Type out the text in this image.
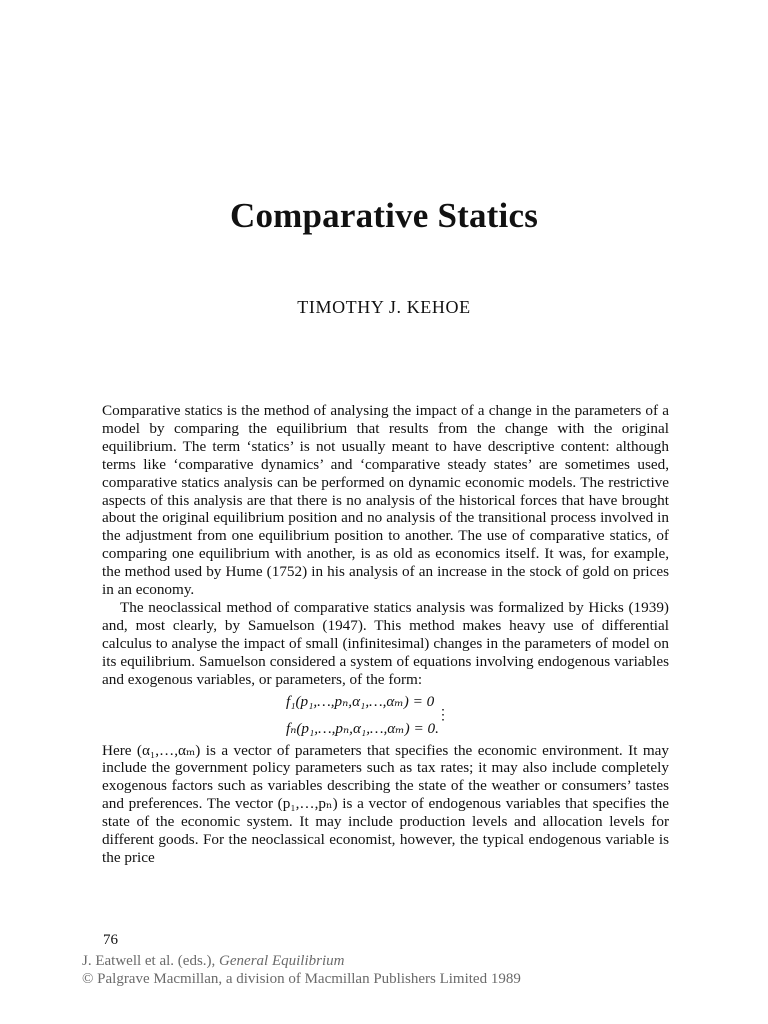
Comparative Statics
TIMOTHY J. KEHOE

Comparative statics is the method of analysing the impact of a change in the parameters of a model by comparing the equilibrium that results from the change with the original equilibrium. The term ‘statics’ is not usually meant to have descriptive content: although terms like ‘comparative dynamics’ and ‘comparative steady states’ are sometimes used, comparative statics analysis can be performed on dynamic economic models. The restrictive aspects of this analysis are that there is no analysis of the historical forces that have brought about the original equilibrium position and no analysis of the transitional process involved in the adjustment from one equilibrium position to another. The use of comparative statics, of comparing one equilibrium with another, is as old as economics itself. It was, for example, the method used by Hume (1752) in his analysis of an increase in the stock of gold on prices in an economy.

The neoclassical method of comparative statics analysis was formalized by Hicks (1939) and, most clearly, by Samuelson (1947). This method makes heavy use of differential calculus to analyse the impact of small (infinitesimal) changes in the parameters of model on its equilibrium. Samuelson considered a system of equations involving endogenous variables and exogenous variables, or parameters, of the form:

f₁(p₁,…,pₙ,α₁,…,αₘ) = 0
⋮
fₙ(p₁,…,pₙ,α₁,…,αₘ) = 0.

Here (α₁,…,αₘ) is a vector of parameters that specifies the economic environment. It may include the government policy parameters such as tax rates; it may also include completely exogenous factors such as variables describing the state of the weather or consumers’ tastes and preferences. The vector (p₁,…,pₙ) is a vector of endogenous variables that specifies the state of the economic system. It may include production levels and allocation levels for different goods. For the neoclassical economist, however, the typical endogenous variable is the price

76
J. Eatwell et al. (eds.), General Equilibrium
© Palgrave Macmillan, a division of Macmillan Publishers Limited 1989
